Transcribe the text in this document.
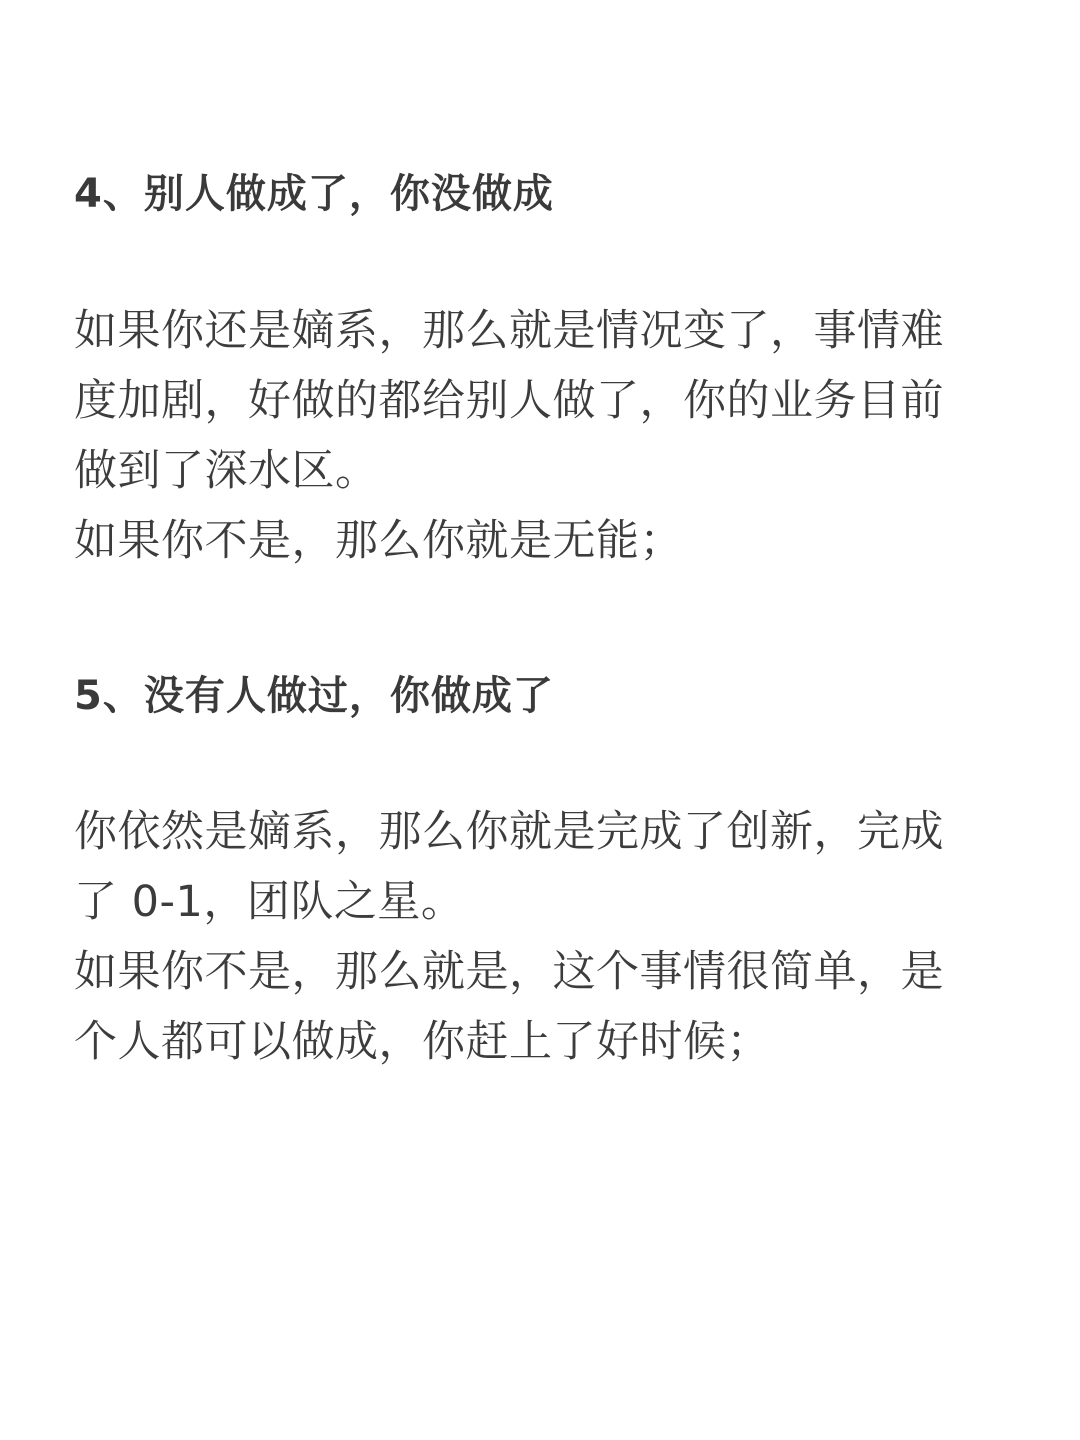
4、别人做成了，你没做成
如果你还是嫡系，那么就是情况变了，事情难
度加剧，好做的都给别人做了，你的业务目前
做到了深水区。
如果你不是，那么你就是无能；
5、没有人做过，你做成了
你依然是嫡系，那么你就是完成了创新，完成
了 0-1，团队之星。
如果你不是，那么就是，这个事情很简单，是
个人都可以做成，你赶上了好时候；
